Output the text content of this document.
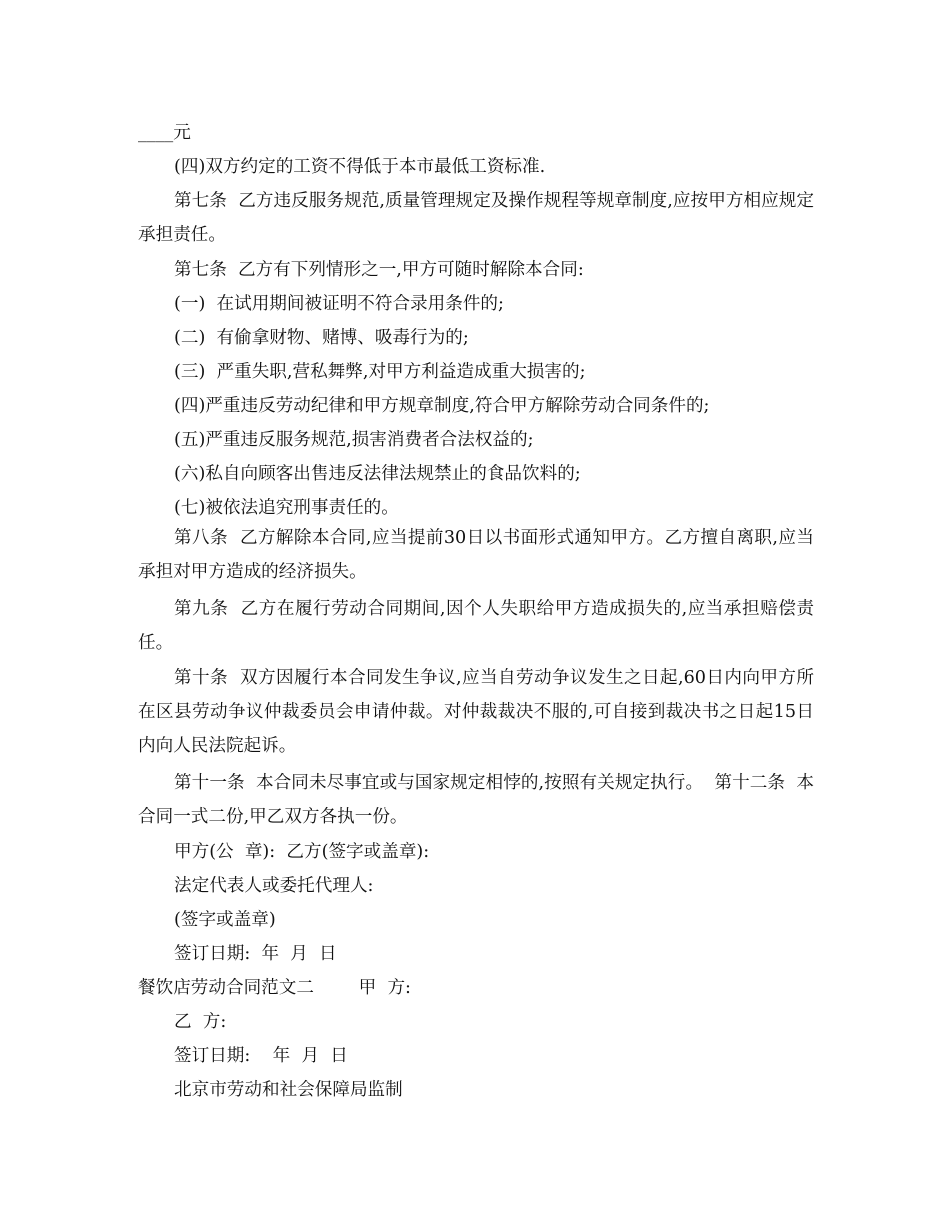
____元

(四)双方约定的工资不得低于本市最低工资标准.

第七条  乙方违反服务规范,质量管理规定及操作规程等规章制度,应按甲方相应规定承担责任。

第七条  乙方有下列情形之一,甲方可随时解除本合同:

(一)  在试用期间被证明不符合录用条件的;

(二)  有偷拿财物、赌博、吸毒行为的;

(三)  严重失职,营私舞弊,对甲方利益造成重大损害的;

(四)严重违反劳动纪律和甲方规章制度,符合甲方解除劳动合同条件的;

(五)严重违反服务规范,损害消费者合法权益的;

(六)私自向顾客出售违反法律法规禁止的食品饮料的;

(七)被依法追究刑事责任的。

第八条  乙方解除本合同,应当提前30日以书面形式通知甲方。乙方擅自离职,应当承担对甲方造成的经济损失。

第九条  乙方在履行劳动合同期间,因个人失职给甲方造成损失的,应当承担赔偿责任。

第十条  双方因履行本合同发生争议,应当自劳动争议发生之日起,60日内向甲方所在区县劳动争议仲裁委员会申请仲裁。对仲裁裁决不服的,可自接到裁决书之日起15日内向人民法院起诉。

第十一条  本合同未尽事宜或与国家规定相悖的,按照有关规定执行。  第十二条  本合同一式二份,甲乙双方各执一份。

甲方(公  章):  乙方(签字或盖章):

法定代表人或委托代理人:

(签字或盖章)

签订日期:  年  月  日

餐饮店劳动合同范文二        甲  方:

乙  方:

签订日期:    年  月  日

北京市劳动和社会保障局监制
